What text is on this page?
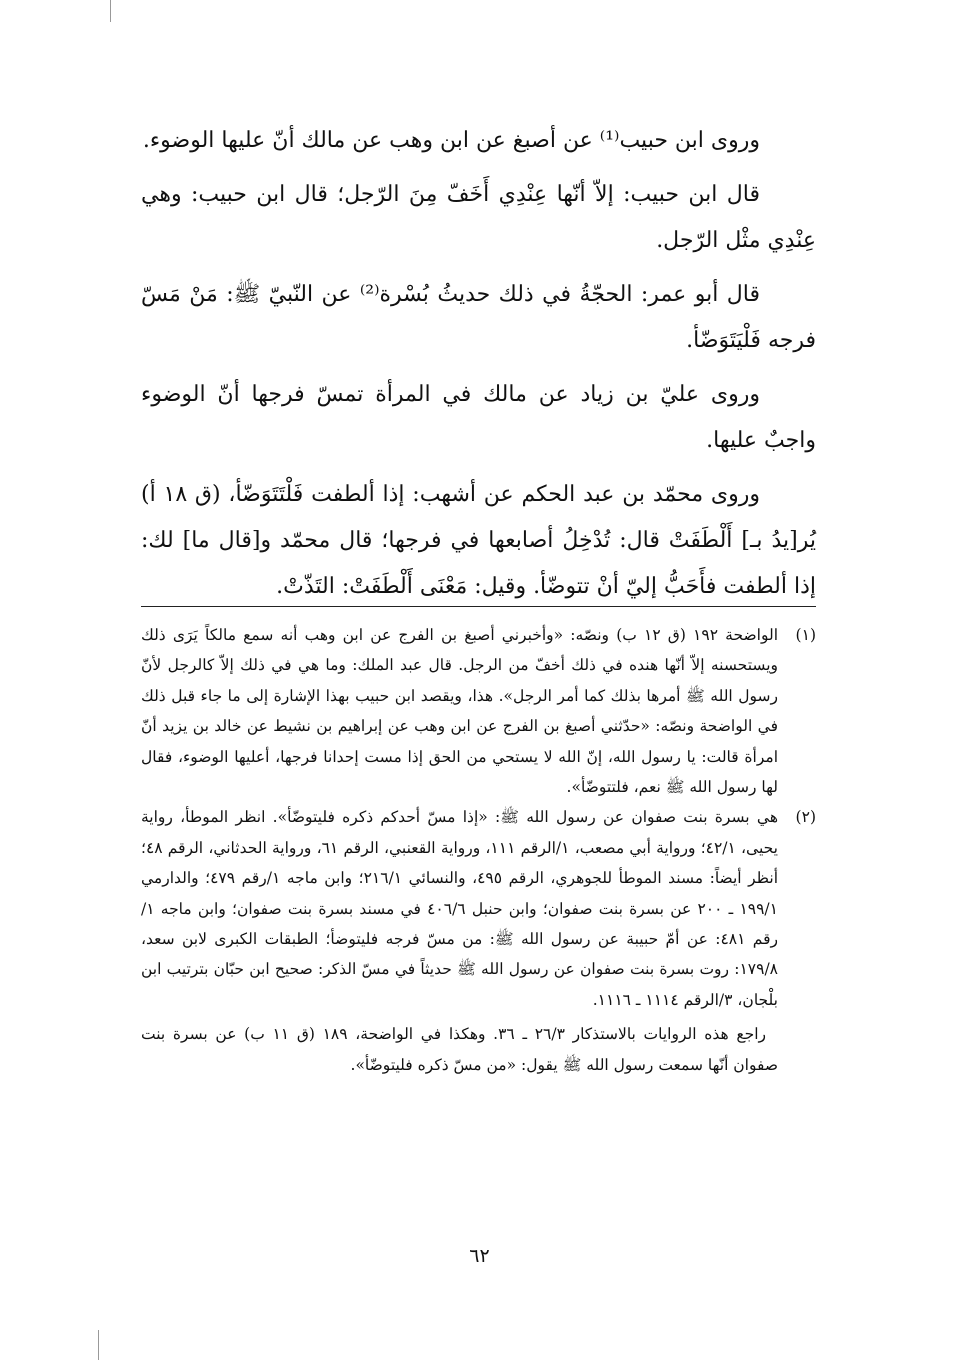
وروى ابن حبيب⁽¹⁾ عن أصبغ عن ابن وهب عن مالك أنّ عليها الوضوء.

قال ابن حبيب: إلاّ أنّها عِنْدِي أَخَفّ مِنَ الرّجل؛ قال ابن حبيب: وهي عِنْدِي مثْل الرّجل.

قال أبو عمر: الحجّةُ في ذلك حديثُ بُسْرة⁽²⁾ عن النّبيّ ﷺ: مَنْ مَسّ فرجه فَلْيَتَوَضّأ.

وروى عليّ بن زياد عن مالك في المرأة تمسّ فرجها أنّ الوضوء واجبٌ عليها.

وروى محمّد بن عبد الحكم عن أشهب: إذا ألطفت فَلْتَتَوَضّأ، (ق ١٨ أ) يُر[يدُ بـ] أَلْطَفَتْ قال: تُدْخِلُ أصابعها في فرجها؛ قال محمّد و[قال ما] لك: إذا ألطفت فأَحَبُّ إليّ أنْ تتوضّأ. وقيل: مَعْنَى أَلْطَفَتْ: التَذّتْ.

(١)
الواضحة ١٩٢ (ق ١٢ ب) ونصّه: «وأخبرني أصبغ بن الفرج عن ابن وهب أنه سمع مالكاً يَرَى ذلك ويستحسنه إلاّ أنّها هنده في ذلك أخفّ من الرجل. قال عبد الملك: وما هي في ذلك إلاّ كالرجل لأنّ رسول الله ﷺ أمرها بذلك كما أمر الرجل». هذا، ويقصد ابن حبيب بهذا الإشارة إلى ما جاء قبل ذلك في الواضحة ونصّه: «حدّثني أصبغ بن الفرج عن ابن وهب عن إبراهيم بن نشيط عن خالد بن يزيد أنّ امرأة قالت: يا رسول الله، إنّ الله لا يستحي من الحق إذا مست إحدانا فرجها، أعليها الوضوء، فقال لها رسول الله ﷺ نعم، فلتتوضّأ».
(٢)
هي بسرة بنت صفوان عن رسول الله ﷺ: «إذا مسّ أحدكم ذكره فليتوضّأ». انظر الموطأ، رواية يحيى، ٤٢/١؛ ورواية أبي مصعب، ١/الرقم ١١١، ورواية القعنبي، الرقم ٦١، ورواية الحدثاني، الرقم ٤٨؛ أنظر أيضاً: مسند الموطأ للجوهري، الرقم ٤٩٥، والنسائي ٢١٦/١؛ وابن ماجه ١/رقم ٤٧٩؛ والدارمي ١٩٩/١ ـ ٢٠٠ عن بسرة بنت صفوان؛ وابن حنبل ٤٠٦/٦ في مسند بسرة بنت صفوان؛ وابن ماجه ١/رقم ٤٨١: عن أمّ حبيبة عن رسول الله ﷺ: من مسّ فرجه فليتوضأ؛ الطبقات الكبرى لابن سعد، ١٧٩/٨: روت بسرة بنت صفوان عن رسول الله ﷺ حديثاً في مسّ الذكر: صحيح ابن حبّان بترتيب ابن بلْجان، ٣/الرقم ١١١٤ ـ ١١١٦.
راجع هذه الروايات بالاستذكار ٢٦/٣ ـ ٣٦. وهكذا في الواضحة، ١٨٩ (ق ١١ ب) عن بسرة بنت صفوان أنّها سمعت رسول الله ﷺ يقول: «من مسّ ذكره فليتوضّأ».
٦٢
